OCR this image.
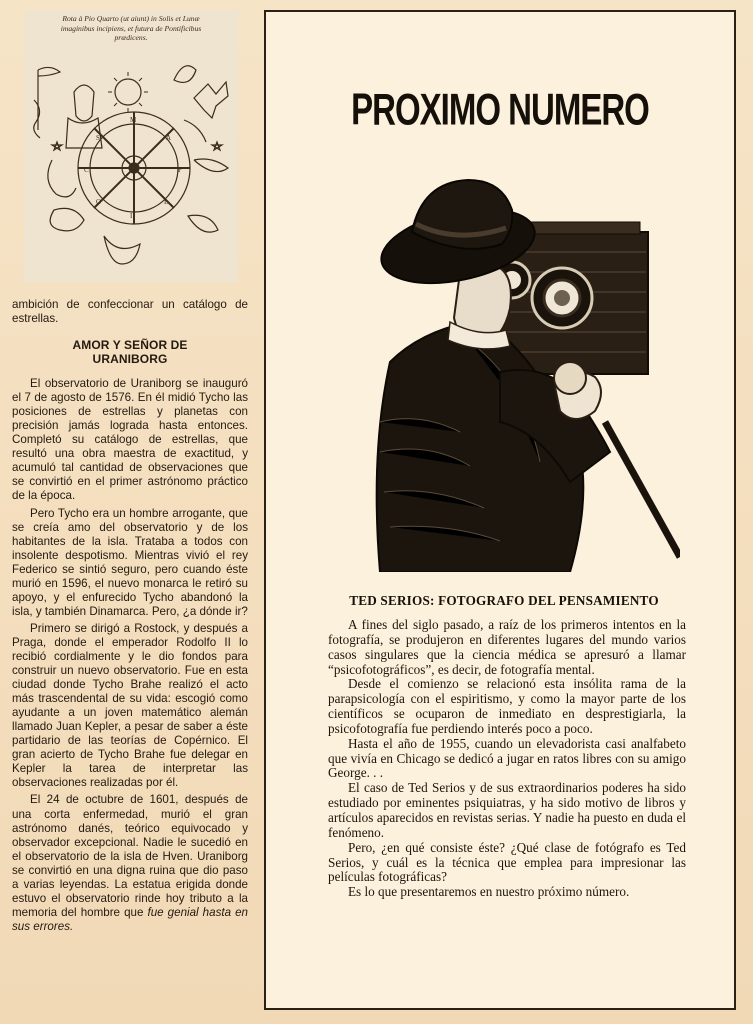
Rota à Pio Quarto (ut aiunt) in Solis et Lunæ
imaginibus incipiens, et futura de Pontificibus
prædicens.
M
A
P
L
I
O
C
S

ambición de confeccionar un catálogo de estrellas.

AMOR Y SEÑOR DE
URANIBORG

El observatorio de Uraniborg se inauguró el 7 de agosto de 1576. En él midió Tycho las posiciones de estrellas y planetas con precisión jamás lograda hasta entonces. Completó su catálogo de estrellas, que resultó una obra maestra de exactitud, y acumuló tal cantidad de observaciones que se convirtió en el primer astrónomo práctico de la época.

Pero Tycho era un hombre arrogante, que se creía amo del observatorio y de los habitantes de la isla. Trataba a todos con insolente despotismo. Mientras vivió el rey Federico se sintió seguro, pero cuando éste murió en 1596, el nuevo monarca le retiró su apoyo, y el enfurecido Tycho abandonó la isla, y también Dinamarca. Pero, ¿a dónde ir?

Primero se dirigó a Rostock, y después a Praga, donde el emperador Rodolfo II lo recibió cordialmente y le dio fondos para construir un nuevo observatorio. Fue en esta ciudad donde Tycho Brahe realizó el acto más trascendental de su vida: escogió como ayudante a un joven matemático alemán llamado Juan Kepler, a pesar de saber a éste partidario de las teorías de Copérnico. El gran acierto de Tycho Brahe fue delegar en Kepler la tarea de interpretar las observaciones realizadas por él.

El 24 de octubre de 1601, después de una corta enfermedad, murió el gran astrónomo danés, teórico equivocado y observador excepcional. Nadie le sucedió en el observatorio de la isla de Hven. Uraniborg se convirtió en una digna ruina que dio paso a varias leyendas. La estatua erigida donde estuvo el observatorio rinde hoy tributo a la memoria del hombre que fue genial hasta en sus errores.

PROXIMO NUMERO
TED SERIOS: FOTOGRAFO DEL PENSAMIENTO

A fines del siglo pasado, a raíz de los primeros intentos en la fotografía, se produjeron en diferentes lugares del mundo varios casos singulares que la ciencia médica se apresuró a llamar “psicofotográficos”, es decir, de fotografía mental.

Desde el comienzo se relacionó esta insólita rama de la parapsicología con el espiritismo, y como la mayor parte de los científicos se ocuparon de inmediato en desprestigiarla, la psicofotografía fue perdiendo interés poco a poco.

Hasta el año de 1955, cuando un elevadorista casi analfabeto que vivía en Chicago se dedicó a jugar en ratos libres con su amigo George. . .

El caso de Ted Serios y de sus extraordinarios poderes ha sido estudiado por eminentes psiquiatras, y ha sido motivo de libros y artículos aparecidos en revistas serias. Y nadie ha puesto en duda el fenómeno.

Pero, ¿en qué consiste éste? ¿Qué clase de fotógrafo es Ted Serios, y cuál es la técnica que emplea para impresionar las películas fotográficas?

Es lo que presentaremos en nuestro próximo número.
